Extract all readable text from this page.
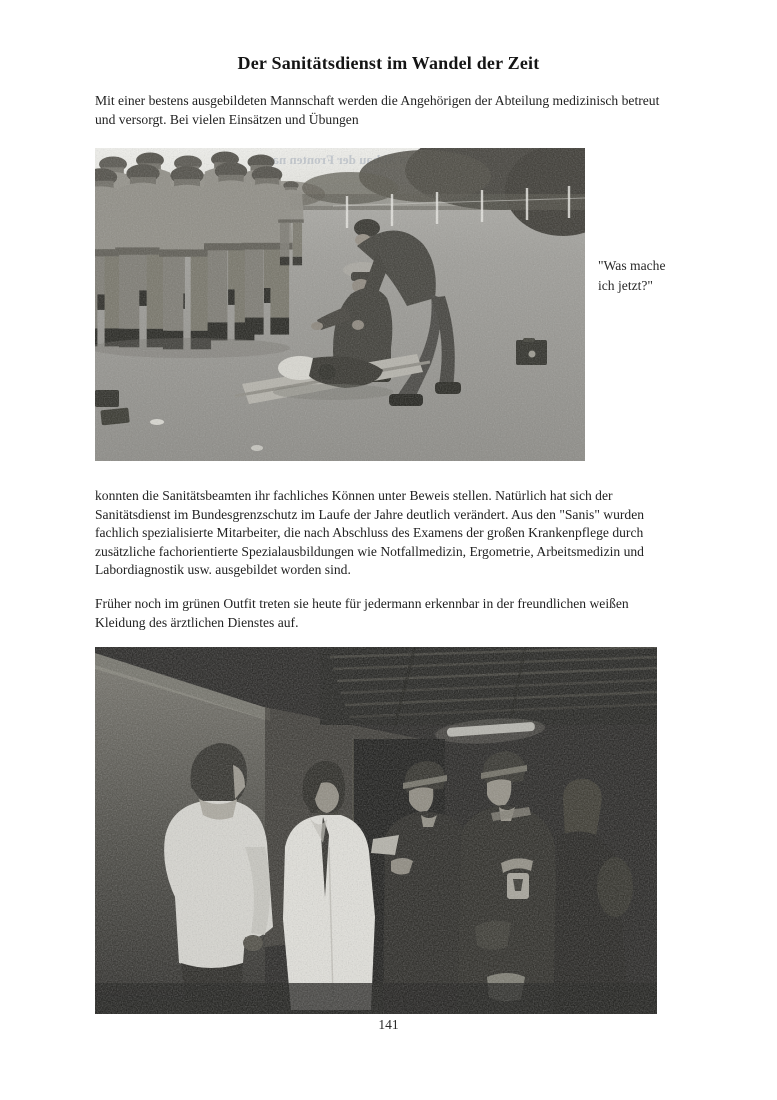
Der Sanitätsdienst im Wandel der Zeit
Mit einer bestens ausgebildeten Mannschaft werden die Angehörigen der Abteilung medizinisch betreut
und versorgt. Bei vielen Einsätzen und Übungen
der Fronten
"Was mache
ich jetzt?"
konnten die Sanitätsbeamten ihr fachliches Können unter Beweis stellen. Natürlich hat sich der
Sanitätsdienst im Bundesgrenzschutz im Laufe der Jahre deutlich verändert. Aus den "Sanis" wurden
fachlich spezialisierte Mitarbeiter, die nach Abschluss des Examens der großen Krankenpflege durch
zusätzliche fachorientierte Spezialausbildungen wie Notfallmedizin, Ergometrie, Arbeitsmedizin und
Labordiagnostik usw. ausgebildet worden sind.
Früher noch im grünen Outfit treten sie heute für jedermann erkennbar in der freundlichen weißen
Kleidung des ärztlichen Dienstes auf.
141
